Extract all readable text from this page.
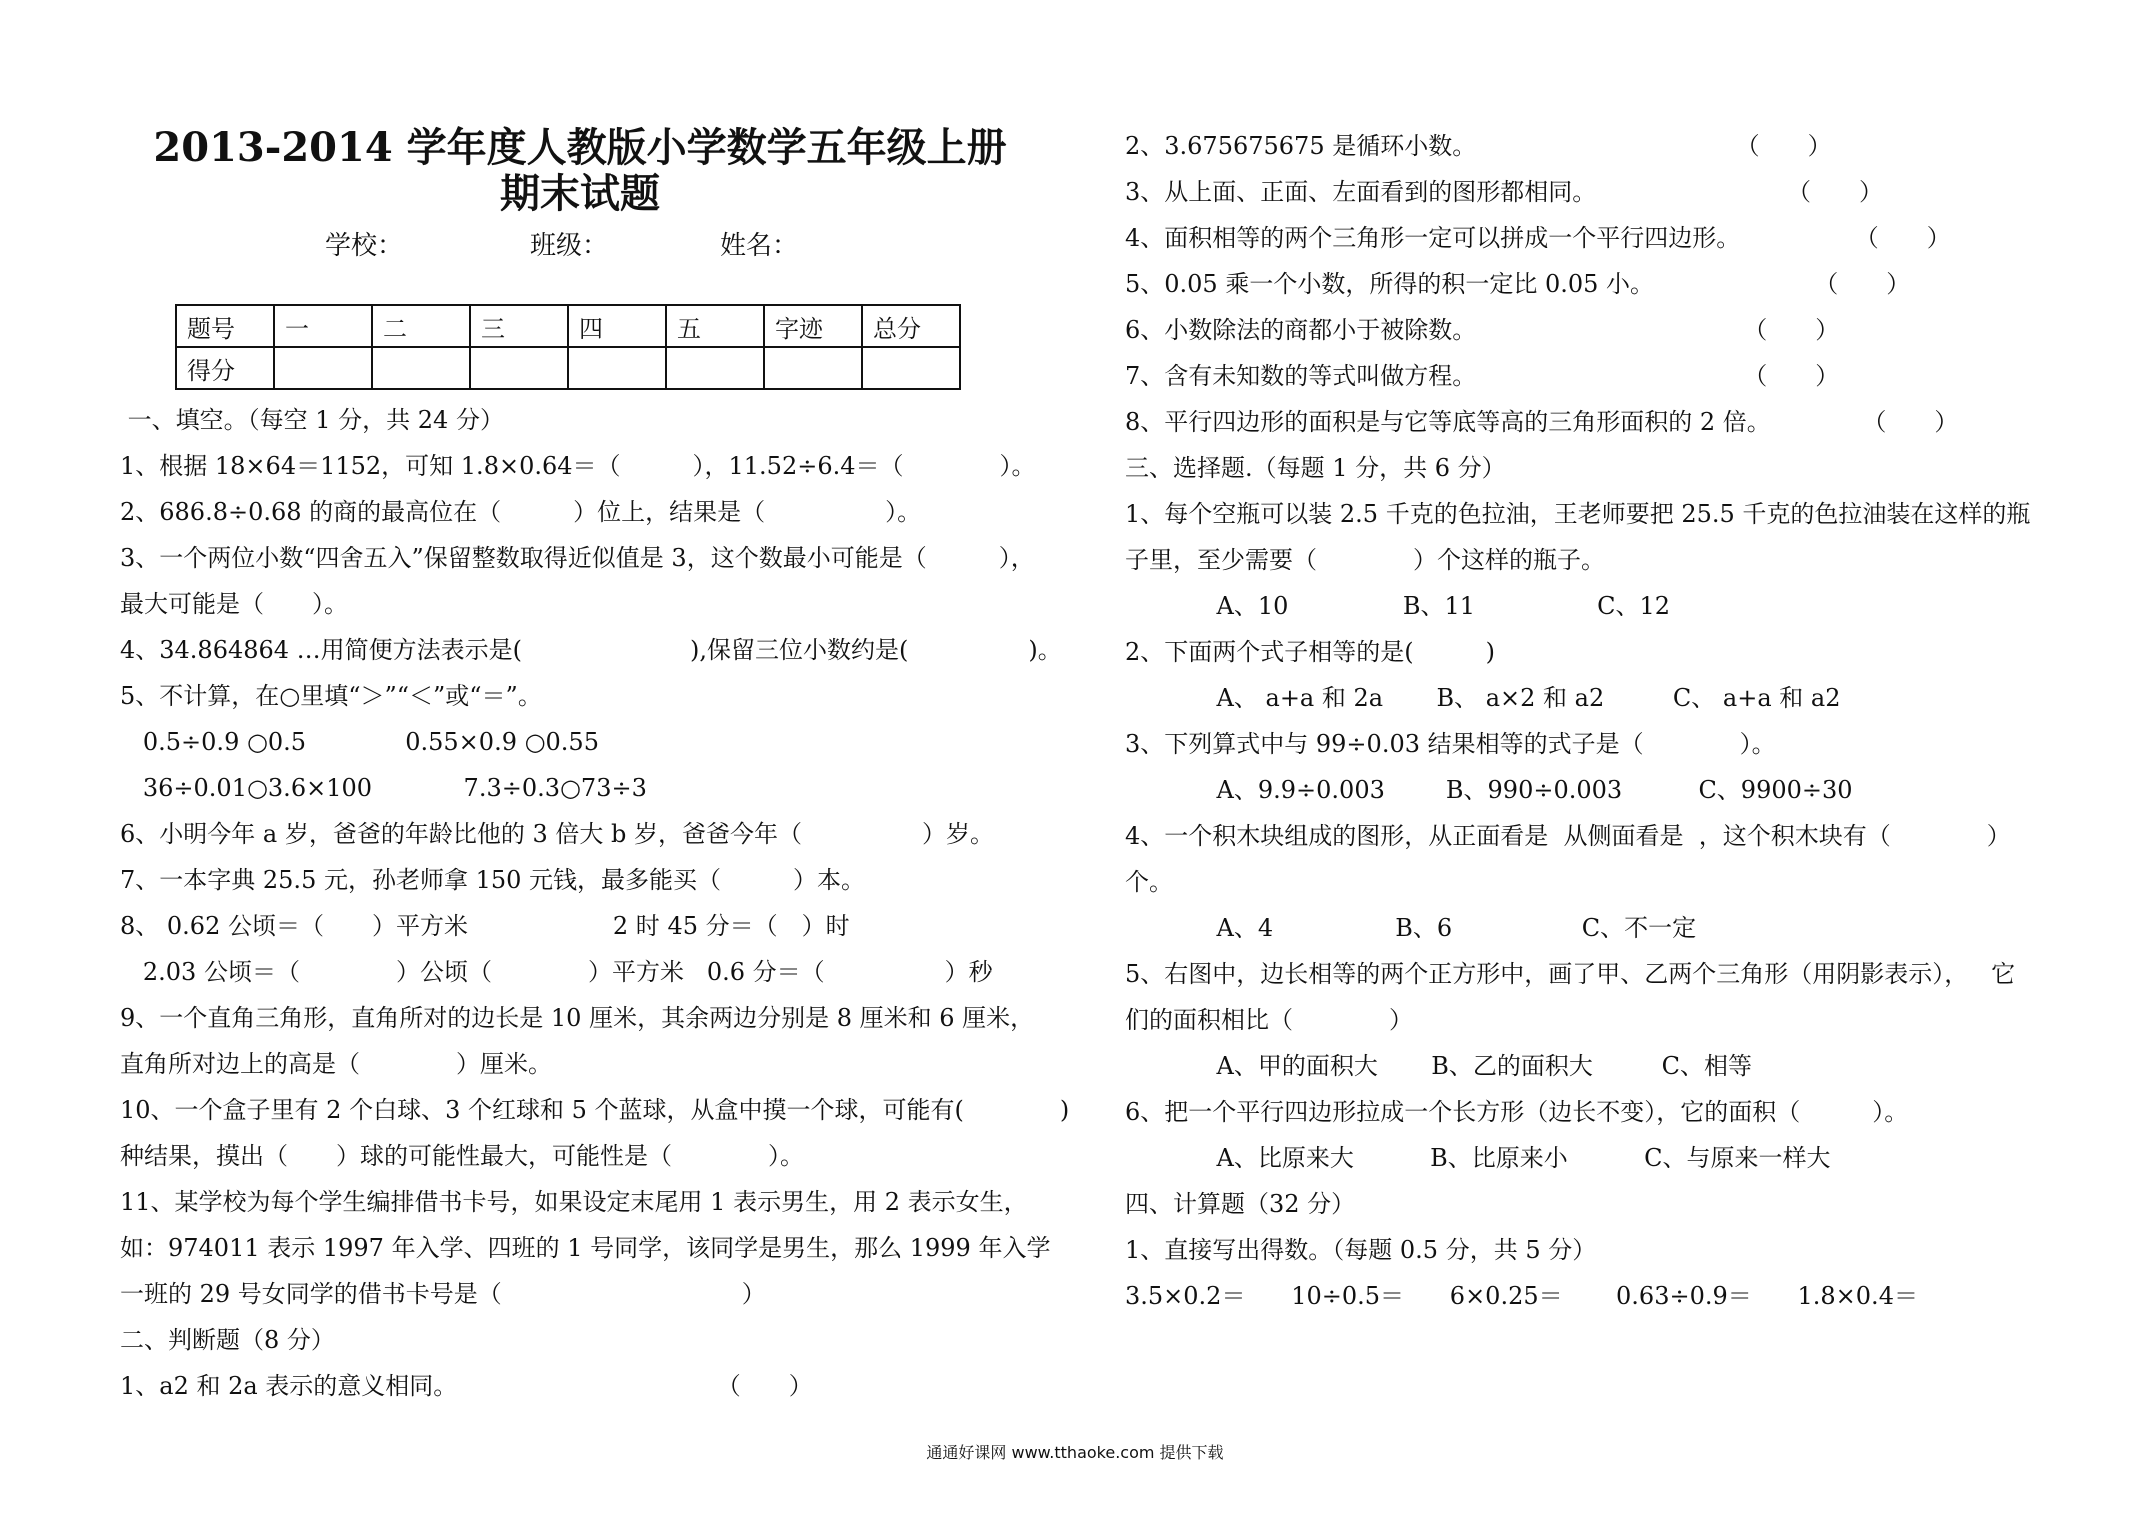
2013-2014 学年度人教版小学数学五年级上册
期末试题
学校：	班级：	姓名：
题号	一	二	三	四	五	字迹	总分
得分							
一、填空。（每空 1 分，共 24 分）
1、根据 18×64＝1152，可知 1.8×0.64＝（　　　），11.52÷6.4＝（　　　　）。
2、686.8÷0.68 的商的最高位在（　　　）位上，结果是（　　　　　）。
3、一个两位小数“四舍五入”保留整数取得近似值是 3，这个数最小可能是（　　　），
最大可能是（　　）。
4、34.864864 …用简便方法表示是(　　　　　　　),保留三位小数约是(　　　　　)。
5、不计算，在○里填“＞”“＜”或“＝”。
0.5÷0.9 ○0.5             0.55×0.9 ○0.55
36÷0.01○3.6×100            7.3÷0.3○73÷3
6、小明今年 a 岁，爸爸的年龄比他的 3 倍大 b 岁，爸爸今年（　　　　　）岁。
7、一本字典 25.5 元，孙老师拿 150 元钱，最多能买（　　　）本。
8、 0.62 公顷＝（　　）平方米                   2 时 45 分＝（　）时
2.03 公顷＝（　　　　）公顷（　　　　）平方米   0.6 分＝（　　　　　）秒
9、一个直角三角形，直角所对的边长是 10 厘米，其余两边分别是 8 厘米和 6 厘米，
直角所对边上的高是（　　　　）厘米。
10、一个盒子里有 2 个白球、3 个红球和 5 个蓝球，从盒中摸一个球，可能有(　　　　)
种结果，摸出（　　）球的可能性最大，可能性是（　　　　）。
11、某学校为每个学生编排借书卡号，如果设定末尾用 1 表示男生，用 2 表示女生，
如：974011 表示 1997 年入学、四班的 1 号同学，该同学是男生，那么 1999 年入学
一班的 29 号女同学的借书卡号是（　　　　　　　　　　）
二、判断题（8 分）
1、a2 和 2a 表示的意义相同。                                  （　　）
2、3.675675675 是循环小数。                                  （　　）
3、从上面、正面、左面看到的图形都相同。                         （　　）
4、面积相等的两个三角形一定可以拼成一个平行四边形。               （　　）
5、0.05 乘一个小数，所得的积一定比 0.05 小。                     （　　）
6、小数除法的商都小于被除数。                                   （　　）
7、含有未知数的等式叫做方程。                                   （　　）
8、平行四边形的面积是与它等底等高的三角形面积的 2 倍。            （　　）
三、选择题.（每题 1 分，共 6 分）
1、每个空瓶可以装 2.5 千克的色拉油，王老师要把 25.5 千克的色拉油装在这样的瓶
子里，至少需要（　　　　）个这样的瓶子。
A、10               B、11                C、12
2、下面两个式子相等的是(　　　)
A、 a+a 和 2a       B、 a×2 和 a2         C、 a+a 和 a2
3、下列算式中与 99÷0.03 结果相等的式子是（　　　　）。
A、9.9÷0.003        B、990÷0.003          C、9900÷30
4、一个积木块组成的图形，从正面看是  从侧面看是  ，这个积木块有（　　　　）
个。
A、4                B、6                 C、不一定
5、右图中，边长相等的两个正方形中，画了甲、乙两个三角形（用阴影表示），   它
们的面积相比（　　　　）
A、甲的面积大       B、乙的面积大         C、相等
6、把一个平行四边形拉成一个长方形（边长不变），它的面积（　　　）。
A、比原来大          B、比原来小          C、与原来一样大
四、计算题（32 分）
1、直接写出得数。（每题 0.5 分，共 5 分）
3.5×0.2＝      10÷0.5＝      6×0.25＝       0.63÷0.9＝      1.8×0.4＝
通通好课网 www.tthaoke.com 提供下载
